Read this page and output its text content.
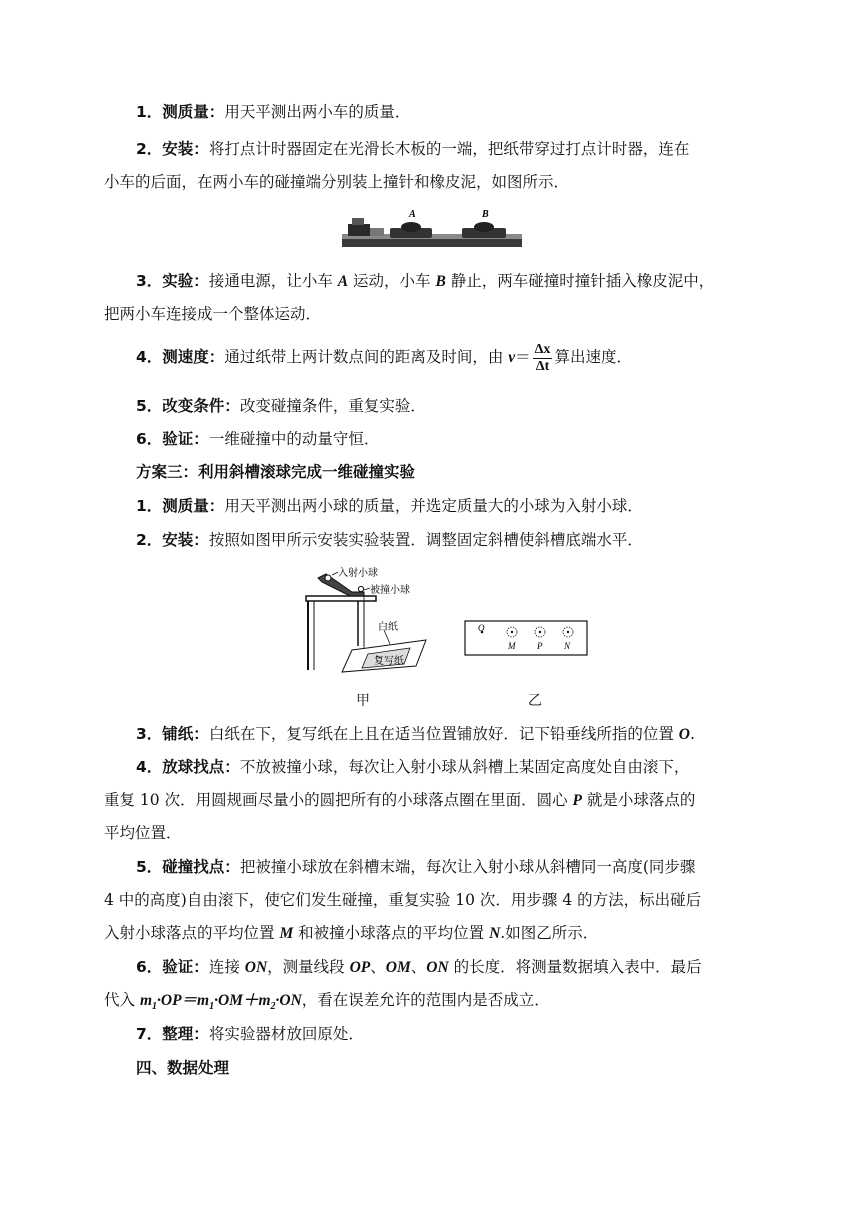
1．测质量：用天平测出两小车的质量．
2．安装：将打点计时器固定在光滑长木板的一端，把纸带穿过打点计时器，连在
小车的后面，在两小车的碰撞端分别装上撞针和橡皮泥，如图所示．
A	B
3．实验：接通电源，让小车 A 运动，小车 B 静止，两车碰撞时撞针插入橡皮泥中，
把两小车连接成一个整体运动．
4．测速度：通过纸带上两计数点间的距离及时间，由 $v= \frac{\Delta x}{\Delta t}$ 算出速度．
5．改变条件：改变碰撞条件，重复实验．
6．验证：一维碰撞中的动量守恒．
方案三：利用斜槽滚球完成一维碰撞实验
1．测质量：用天平测出两小球的质量，并选定质量大的小球为入射小球．
2．安装：按照如图甲所示安装实验装置．调整固定斜槽使斜槽底端水平．
入射小球
被撞小球
白纸
复写纸
甲
O
M P N
乙
3．铺纸：白纸在下，复写纸在上且在适当位置铺放好．记下铅垂线所指的位置 O.
4．放球找点：不放被撞小球，每次让入射小球从斜槽上某固定高度处自由滚下，
重复 10 次．用圆规画尽量小的圆把所有的小球落点圈在里面．圆心 P 就是小球落点的
平均位置．
5．碰撞找点：把被撞小球放在斜槽末端，每次让入射小球从斜槽同一高度(同步骤
4 中的高度)自由滚下，使它们发生碰撞，重复实验 10 次．用步骤 4 的方法，标出碰后
入射小球落点的平均位置 M 和被撞小球落点的平均位置 N.如图乙所示．
6．验证：连接 ON，测量线段 OP、OM、ON 的长度．将测量数据填入表中．最后
代入 $m_1\cdot OP=m_1\cdot OM+m_2\cdot ON$，看在误差允许的范围内是否成立．
7．整理：将实验器材放回原处．
四、数据处理
